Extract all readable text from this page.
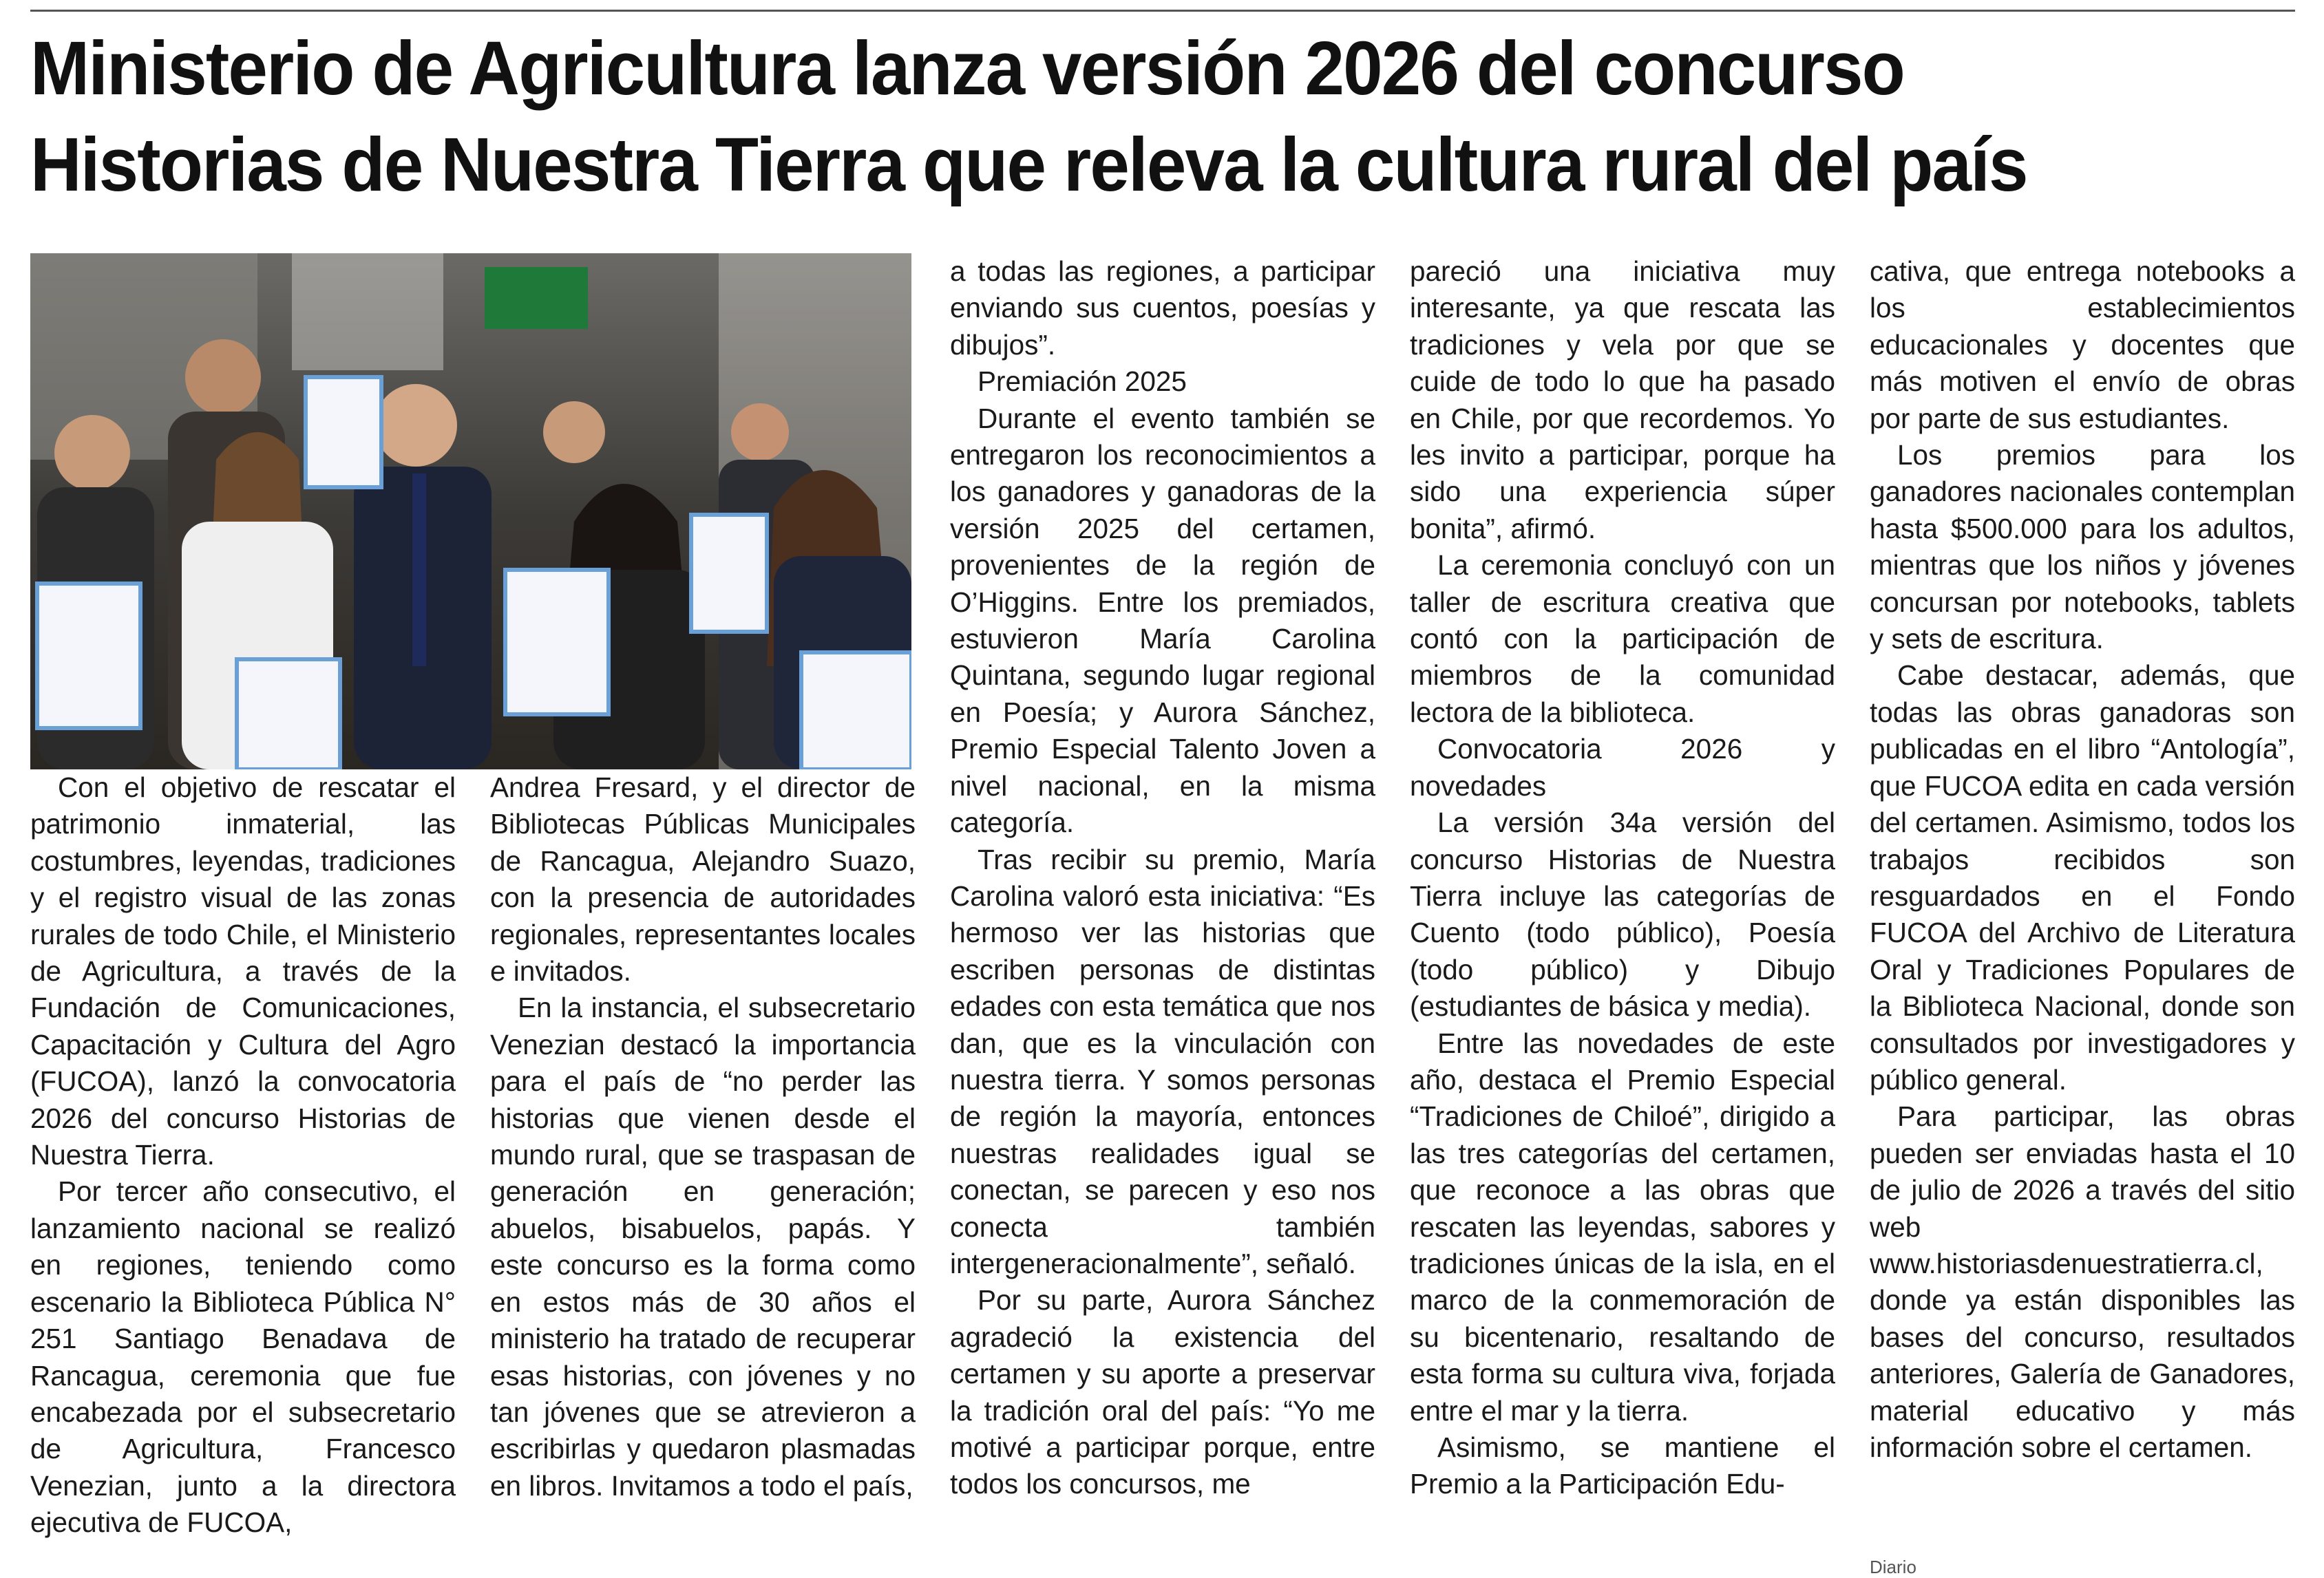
Ministerio de Agricultura lanza versión 2026 del concurso Historias de Nuestra Tierra que releva la cultura rural del país

Con el objetivo de rescatar el patrimonio inmaterial, las costumbres, leyendas, tradiciones y el registro visual de las zonas rurales de todo Chile, el Ministerio de Agricultura, a través de la Fundación de Comunicaciones, Capacitación y Cultura del Agro (FUCOA), lanzó la convocatoria 2026 del concurso Historias de Nuestra Tierra.

Por tercer año consecutivo, el lanzamiento nacional se realizó en regiones, teniendo como escenario la Biblioteca Pública N° 251 Santiago Benadava de Rancagua, ceremonia que fue encabezada por el subsecretario de Agricultura, Francesco Venezian, junto a la directora ejecutiva de FUCOA,

Andrea Fresard, y el director de Bibliotecas Públicas Municipales de Rancagua, Alejandro Suazo, con la presencia de autoridades regionales, representantes locales e invitados.

En la instancia, el subsecretario Venezian destacó la importancia para el país de “no perder las historias que vienen desde el mundo rural, que se traspasan de generación en generación; abuelos, bisabuelos, papás. Y este concurso es la forma como en estos más de 30 años el ministerio ha tratado de recuperar esas historias, con jóvenes y no tan jóvenes que se atrevieron a escribirlas y quedaron plasmadas en libros. Invitamos a todo el país,

a todas las regiones, a participar enviando sus cuentos, poesías y dibujos”.

Premiación 2025

Durante el evento también se entregaron los reconocimientos a los ganadores y ganadoras de la versión 2025 del certamen, provenientes de la región de O’Higgins. Entre los premiados, estuvieron María Carolina Quintana, segundo lugar regional en Poesía; y Aurora Sánchez, Premio Especial Talento Joven a nivel nacional, en la misma categoría.

Tras recibir su premio, María Carolina valoró esta iniciativa: “Es hermoso ver las historias que escriben personas de distintas edades con esta temática que nos dan, que es la vinculación con nuestra tierra. Y somos personas de región la mayoría, entonces nuestras realidades igual se conectan, se parecen y eso nos conecta también intergeneracionalmente”, señaló.

Por su parte, Aurora Sánchez agradeció la existencia del certamen y su aporte a preservar la tradición oral del país: “Yo me motivé a participar porque, entre todos los concursos, me

pareció una iniciativa muy interesante, ya que rescata las tradiciones y vela por que se cuide de todo lo que ha pasado en Chile, por que recordemos. Yo les invito a participar, porque ha sido una experiencia súper bonita”, afirmó.

La ceremonia concluyó con un taller de escritura creativa que contó con la participación de miembros de la comunidad lectora de la biblioteca.

Convocatoria 2026 y novedades

La versión 34a versión del concurso Historias de Nuestra Tierra incluye las categorías de Cuento (todo público), Poesía (todo público) y Dibujo (estudiantes de básica y media).

Entre las novedades de este año, destaca el Premio Especial “Tradiciones de Chiloé”, dirigido a las tres categorías del certamen, que reconoce a las obras que rescaten las leyendas, sabores y tradiciones únicas de la isla, en el marco de la conmemoración de su bicentenario, resaltando de esta forma su cultura viva, forjada entre el mar y la tierra.

Asimismo, se mantiene el Premio a la Participación Edu-

cativa, que entrega notebooks a los establecimientos educacionales y docentes que más motiven el envío de obras por parte de sus estudiantes.

Los premios para los ganadores nacionales contemplan hasta $500.000 para los adultos, mientras que los niños y jóvenes concursan por notebooks, tablets y sets de escritura.

Cabe destacar, además, que todas las obras ganadoras son publicadas en el libro “Antología”, que FUCOA edita en cada versión del certamen. Asimismo, todos los trabajos recibidos son resguardados en el Fondo FUCOA del Archivo de Literatura Oral y Tradiciones Populares de la Biblioteca Nacional, donde son consultados por investigadores y público general.

Para participar, las obras pueden ser enviadas hasta el 10 de julio de 2026 a través del sitio web www.historiasdenuestratierra.cl, donde ya están disponibles las bases del concurso, resultados anteriores, Galería de Ganadores, material educativo y más información sobre el certamen.

Diario
